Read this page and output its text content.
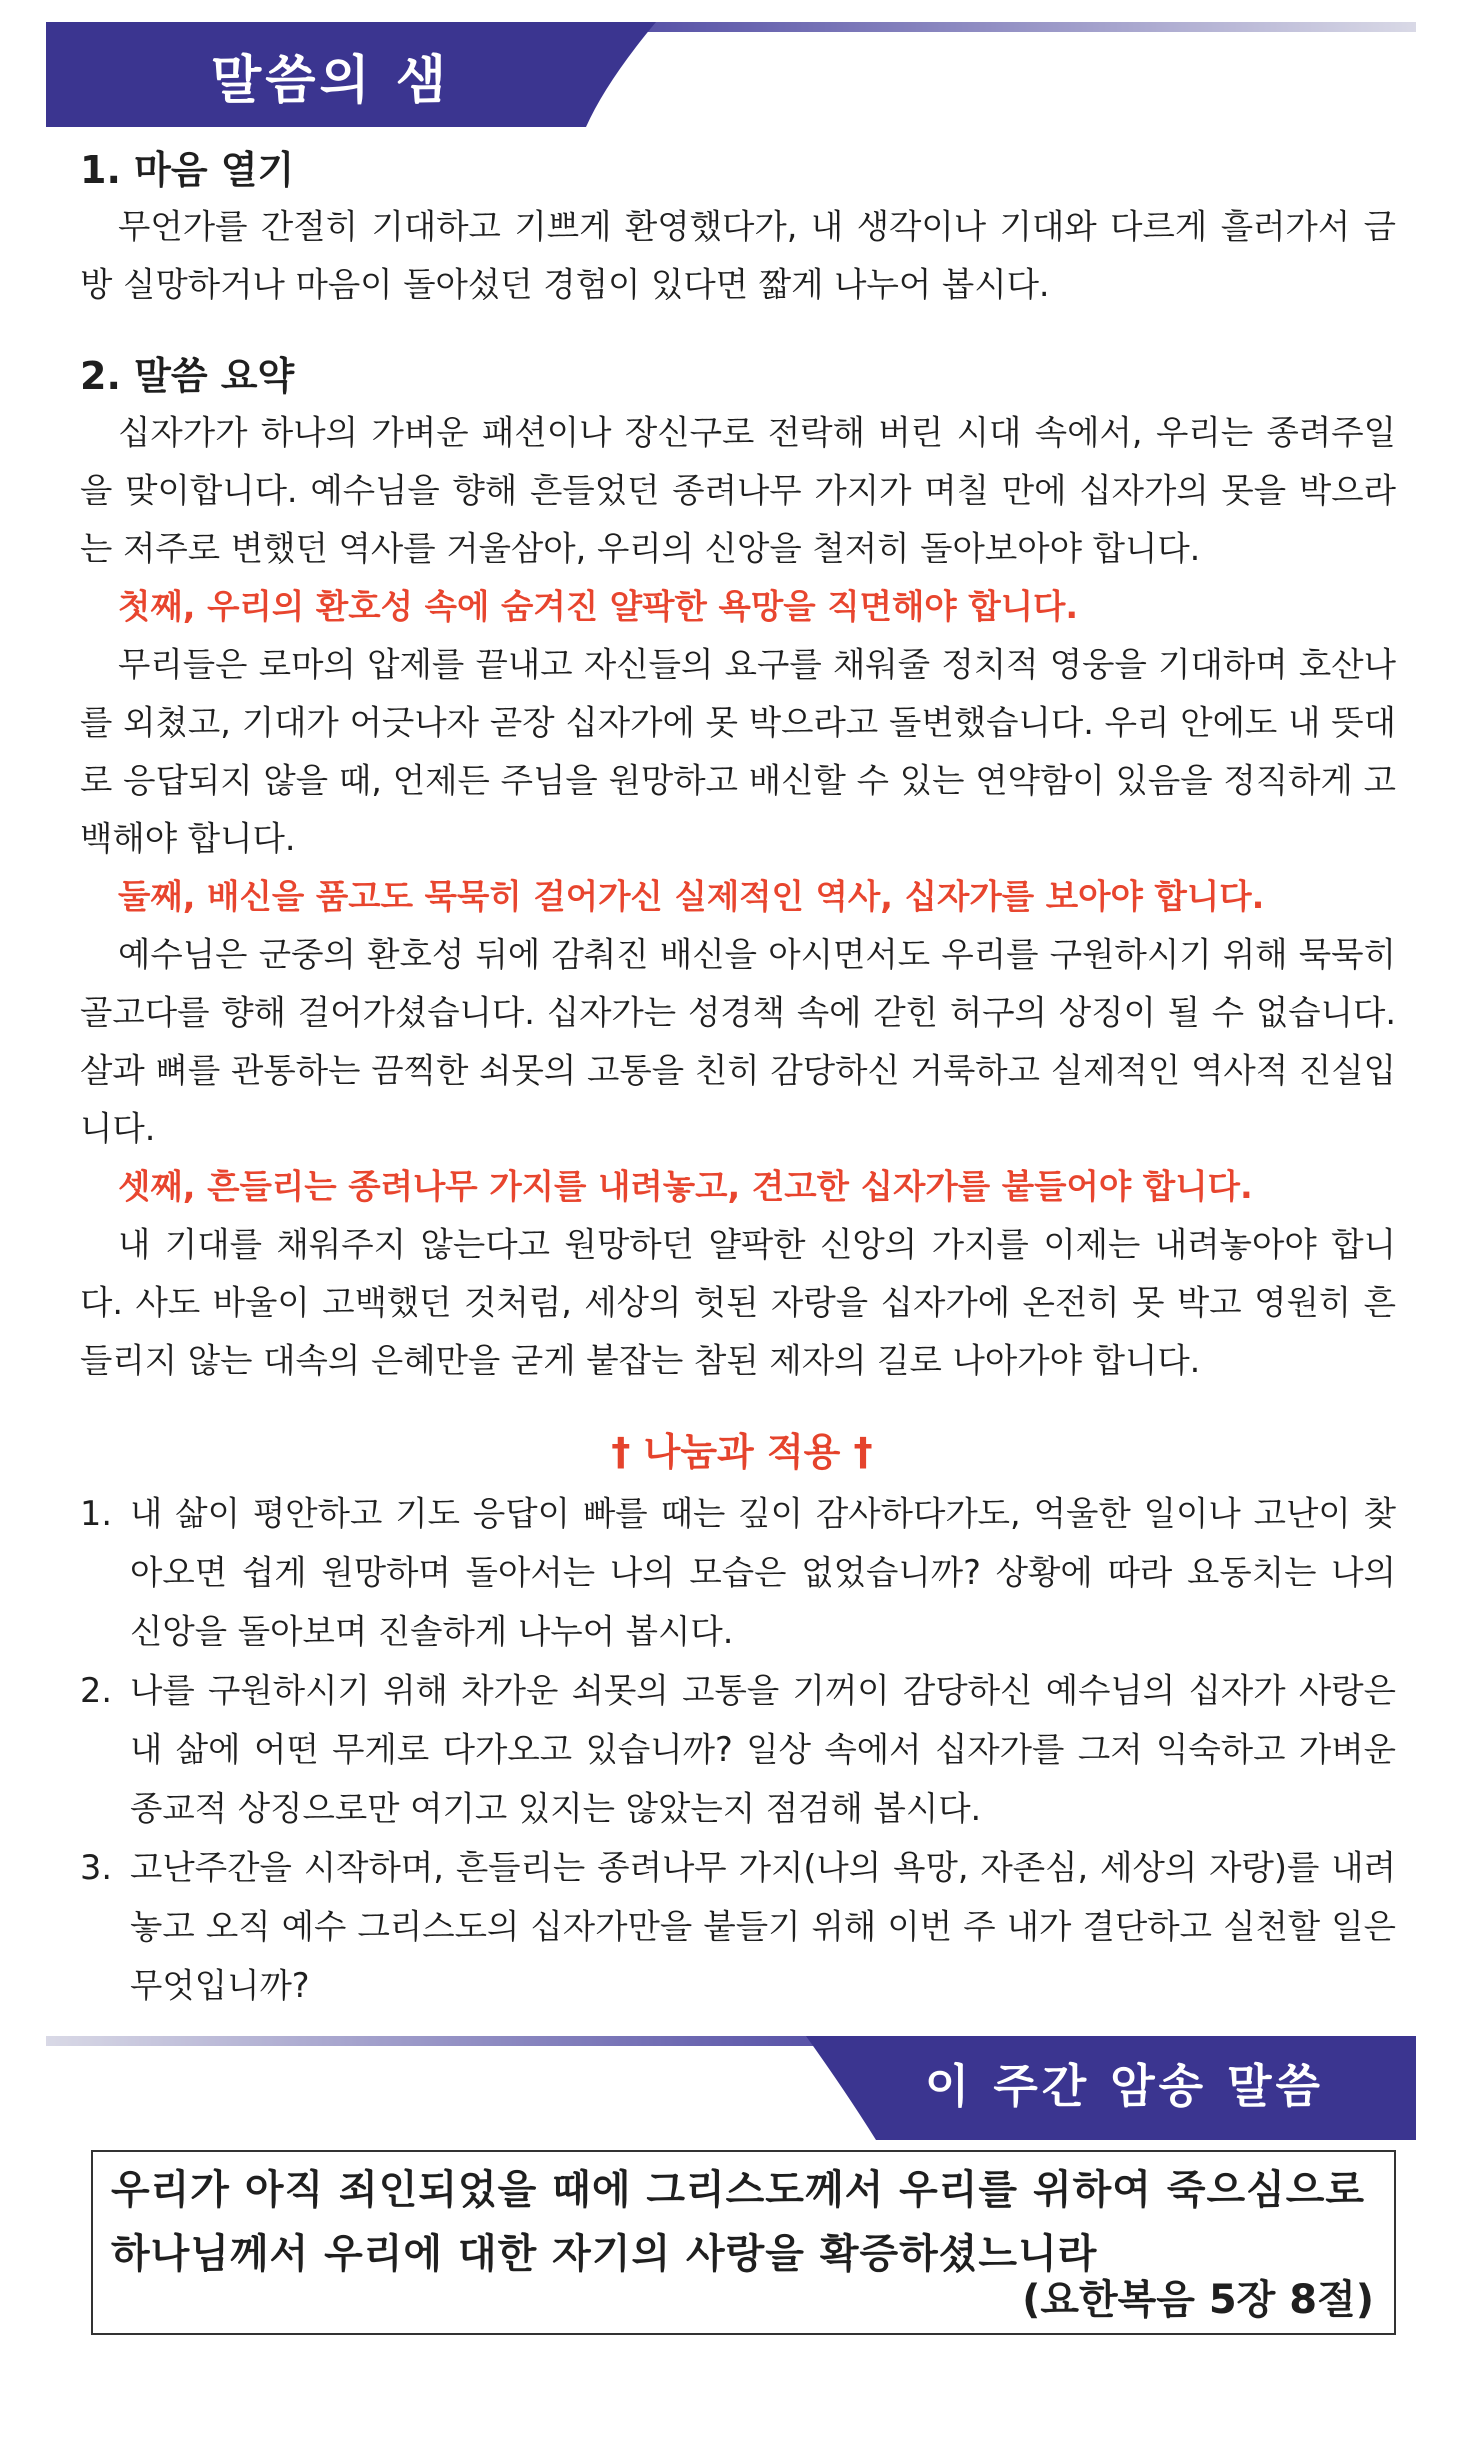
말씀의 샘
1. 마음 열기

무언가를 간절히 기대하고 기쁘게 환영했다가, 내 생각이나 기대와 다르게 흘러가서 금방 실망하거나 마음이 돌아섰던 경험이 있다면 짧게 나누어 봅시다.

2. 말씀 요약

십자가가 하나의 가벼운 패션이나 장신구로 전락해 버린 시대 속에서, 우리는 종려주일을 맞이합니다. 예수님을 향해 흔들었던 종려나무 가지가 며칠 만에 십자가의 못을 박으라는 저주로 변했던 역사를 거울삼아, 우리의 신앙을 철저히 돌아보아야 합니다.

첫째, 우리의 환호성 속에 숨겨진 얄팍한 욕망을 직면해야 합니다.

무리들은 로마의 압제를 끝내고 자신들의 요구를 채워줄 정치적 영웅을 기대하며 호산나를 외쳤고, 기대가 어긋나자 곧장 십자가에 못 박으라고 돌변했습니다. 우리 안에도 내 뜻대로 응답되지 않을 때, 언제든 주님을 원망하고 배신할 수 있는 연약함이 있음을 정직하게 고백해야 합니다.

둘째, 배신을 품고도 묵묵히 걸어가신 실제적인 역사, 십자가를 보아야 합니다.

예수님은 군중의 환호성 뒤에 감춰진 배신을 아시면서도 우리를 구원하시기 위해 묵묵히 골고다를 향해 걸어가셨습니다. 십자가는 성경책 속에 갇힌 허구의 상징이 될 수 없습니다. 살과 뼈를 관통하는 끔찍한 쇠못의 고통을 친히 감당하신 거룩하고 실제적인 역사적 진실입니다.

셋째, 흔들리는 종려나무 가지를 내려놓고, 견고한 십자가를 붙들어야 합니다.

내 기대를 채워주지 않는다고 원망하던 얄팍한 신앙의 가지를 이제는 내려놓아야 합니다. 사도 바울이 고백했던 것처럼, 세상의 헛된 자랑을 십자가에 온전히 못 박고 영원히 흔들리지 않는 대속의 은혜만을 굳게 붙잡는 참된 제자의 길로 나아가야 합니다.

† 나눔과 적용 †
1. 내 삶이 평안하고 기도 응답이 빠를 때는 깊이 감사하다가도, 억울한 일이나 고난이 찾아오면 쉽게 원망하며 돌아서는 나의 모습은 없었습니까? 상황에 따라 요동치는 나의 신앙을 돌아보며 진솔하게 나누어 봅시다.
2. 나를 구원하시기 위해 차가운 쇠못의 고통을 기꺼이 감당하신 예수님의 십자가 사랑은 내 삶에 어떤 무게로 다가오고 있습니까? 일상 속에서 십자가를 그저 익숙하고 가벼운 종교적 상징으로만 여기고 있지는 않았는지 점검해 봅시다.
3. 고난주간을 시작하며, 흔들리는 종려나무 가지(나의 욕망, 자존심, 세상의 자랑)를 내려놓고 오직 예수 그리스도의 십자가만을 붙들기 위해 이번 주 내가 결단하고 실천할 일은 무엇입니까?
이 주간 암송 말씀
우리가 아직 죄인되었을 때에 그리스도께서 우리를 위하여 죽으심으로 하나님께서 우리에 대한 자기의 사랑을 확증하셨느니라
(요한복음 5장 8절)
